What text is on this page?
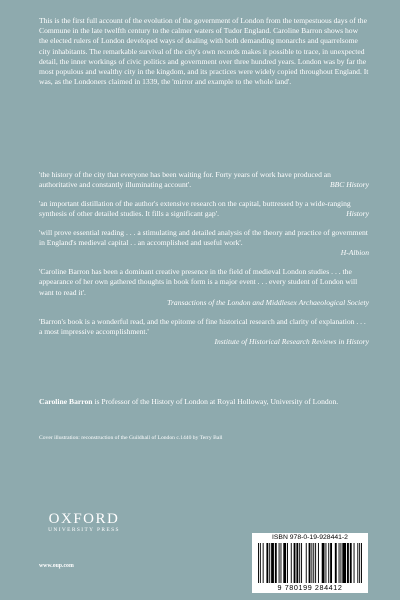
This is the first full account of the evolution of the government of London from the tempestuous days of the Commune in the late twelfth century to the calmer waters of Tudor England. Caroline Barron shows how the elected rulers of London developed ways of dealing with both demanding monarchs and quarrelsome city inhabitants. The remarkable survival of the city's own records makes it possible to trace, in unexpected detail, the inner workings of civic politics and government over three hundred years. London was by far the most populous and wealthy city in the kingdom, and its practices were widely copied throughout England. It was, as the Londoners claimed in 1339, the 'mirror and example to the whole land'.

'the history of the city that everyone has been waiting for. Forty years of work have produced an authoritative and constantly illuminating account'.	BBC History

'an important distillation of the author's extensive research on the capital, buttressed by a wide-ranging synthesis of other detailed studies. It fills a significant gap'.	History

'will prove essential reading . . . a stimulating and detailed analysis of the theory and practice of government in England's medieval capital . . an accomplished and useful work'.
H-Albion

'Caroline Barron has been a dominant creative presence in the field of medieval London studies . . . the appearance of her own gathered thoughts in book form is a major event . . . every student of London will want to read it'.
Transactions of the London and Middlesex Archaeological Society

'Barron's book is a wonderful read, and the epitome of fine historical research and clarity of explanation . . . a most impressive accomplishment.'
Institute of Historical Research Reviews in History

Caroline Barron is Professor of the History of London at Royal Holloway, University of London.

Cover illustration: reconstruction of the Guildhall of London c.1440 by Terry Ball

OXFORD
UNIVERSITY PRESS
www.oup.com
ISBN 978-0-19-928441-2
9 780199 284412
